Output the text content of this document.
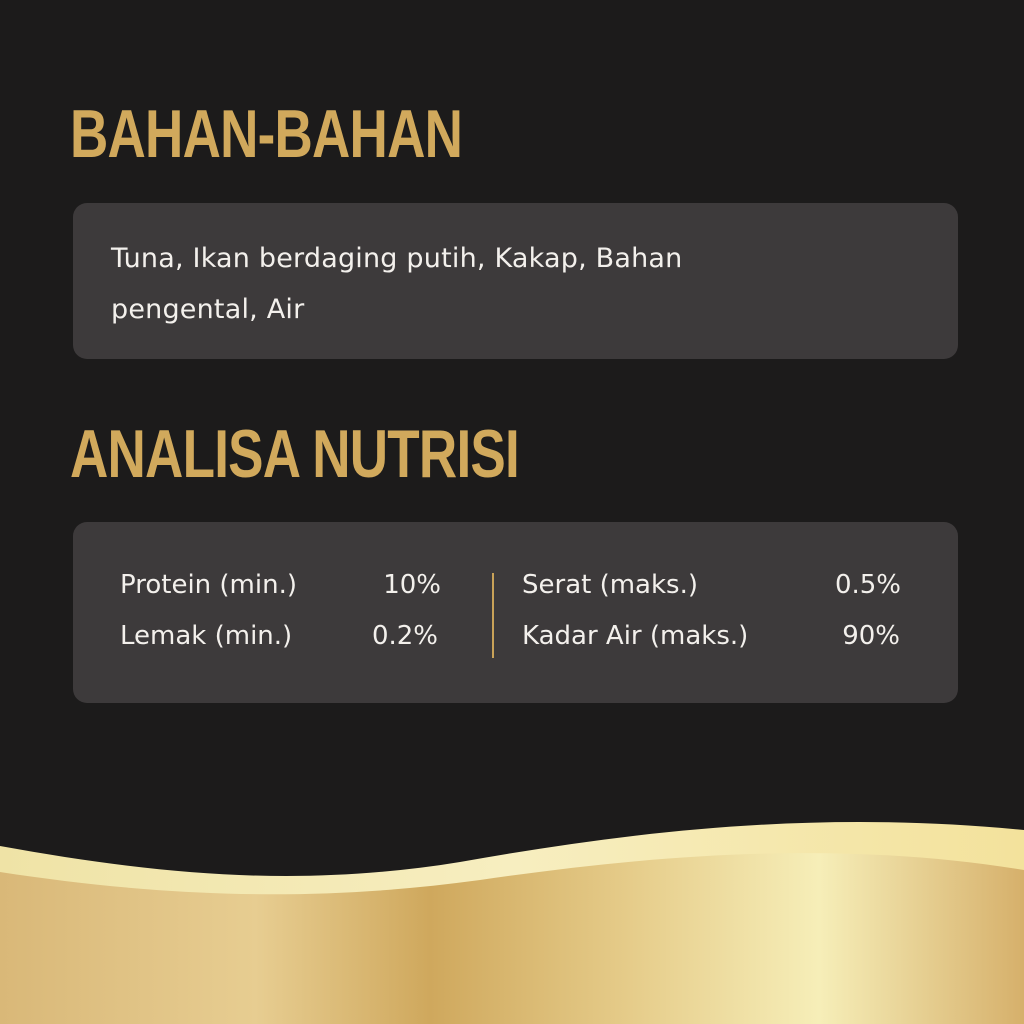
BAHAN-BAHAN
Tuna, Ikan berdaging putih, Kakap, Bahan pengental, Air
ANALISA NUTRISI
Protein (min.)	10%
Lemak (min.)	0.2%
Serat (maks.)	0.5%
Kadar Air (maks.)	90%
